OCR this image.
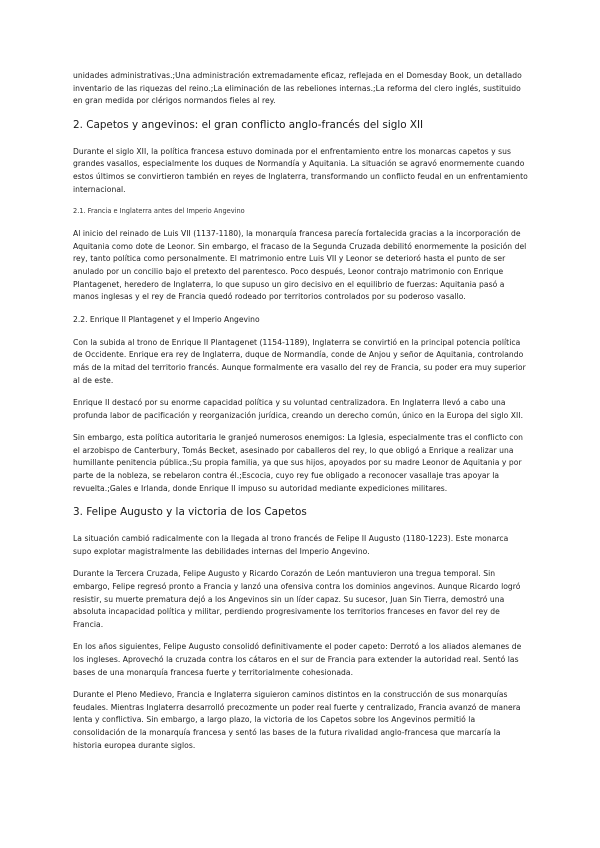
unidades administrativas.;Una administración extremadamente eficaz, reflejada en el Domesday Book, un detallado inventario de las riquezas del reino.;La eliminación de las rebeliones internas.;La reforma del clero inglés, sustituido en gran medida por clérigos normandos fieles al rey.

2. Capetos y angevinos: el gran conflicto anglo-francés del siglo XII

Durante el siglo XII, la política francesa estuvo dominada por el enfrentamiento entre los monarcas capetos y sus grandes vasallos, especialmente los duques de Normandía y Aquitania. La situación se agravó enormemente cuando estos últimos se convirtieron también en reyes de Inglaterra, transformando un conflicto feudal en un enfrentamiento internacional.

2.1. Francia e Inglaterra antes del Imperio Angevino

Al inicio del reinado de Luis VII (1137-1180), la monarquía francesa parecía fortalecida gracias a la incorporación de Aquitania como dote de Leonor. Sin embargo, el fracaso de la Segunda Cruzada debilitó enormemente la posición del rey, tanto política como personalmente. El matrimonio entre Luis VII y Leonor se deterioró hasta el punto de ser anulado por un concilio bajo el pretexto del parentesco. Poco después, Leonor contrajo matrimonio con Enrique Plantagenet, heredero de Inglaterra, lo que supuso un giro decisivo en el equilibrio de fuerzas: Aquitania pasó a manos inglesas y el rey de Francia quedó rodeado por territorios controlados por su poderoso vasallo.

2.2. Enrique II Plantagenet y el Imperio Angevino

Con la subida al trono de Enrique II Plantagenet (1154-1189), Inglaterra se convirtió en la principal potencia política de Occidente. Enrique era rey de Inglaterra, duque de Normandía, conde de Anjou y señor de Aquitania, controlando más de la mitad del territorio francés. Aunque formalmente era vasallo del rey de Francia, su poder era muy superior al de este.

Enrique II destacó por su enorme capacidad política y su voluntad centralizadora. En Inglaterra llevó a cabo una profunda labor de pacificación y reorganización jurídica, creando un derecho común, único en la Europa del siglo XII.

Sin embargo, esta política autoritaria le granjeó numerosos enemigos: La Iglesia, especialmente tras el conflicto con el arzobispo de Canterbury, Tomás Becket, asesinado por caballeros del rey, lo que obligó a Enrique a realizar una humillante penitencia pública.;Su propia familia, ya que sus hijos, apoyados por su madre Leonor de Aquitania y por parte de la nobleza, se rebelaron contra él.;Escocia, cuyo rey fue obligado a reconocer vasallaje tras apoyar la revuelta.;Gales e Irlanda, donde Enrique II impuso su autoridad mediante expediciones militares.

3. Felipe Augusto y la victoria de los Capetos

La situación cambió radicalmente con la llegada al trono francés de Felipe II Augusto (1180-1223). Este monarca supo explotar magistralmente las debilidades internas del Imperio Angevino.

Durante la Tercera Cruzada, Felipe Augusto y Ricardo Corazón de León mantuvieron una tregua temporal. Sin embargo, Felipe regresó pronto a Francia y lanzó una ofensiva contra los dominios angevinos. Aunque Ricardo logró resistir, su muerte prematura dejó a los Angevinos sin un líder capaz. Su sucesor, Juan Sin Tierra, demostró una absoluta incapacidad política y militar, perdiendo progresivamente los territorios franceses en favor del rey de Francia.

En los años siguientes, Felipe Augusto consolidó definitivamente el poder capeto: Derrotó a los aliados alemanes de los ingleses. Aprovechó la cruzada contra los cátaros en el sur de Francia para extender la autoridad real. Sentó las bases de una monarquía francesa fuerte y territorialmente cohesionada.

Durante el Pleno Medievo, Francia e Inglaterra siguieron caminos distintos en la construcción de sus monarquías feudales. Mientras Inglaterra desarrolló precozmente un poder real fuerte y centralizado, Francia avanzó de manera lenta y conflictiva. Sin embargo, a largo plazo, la victoria de los Capetos sobre los Angevinos permitió la consolidación de la monarquía francesa y sentó las bases de la futura rivalidad anglo-francesa que marcaría la historia europea durante siglos.
